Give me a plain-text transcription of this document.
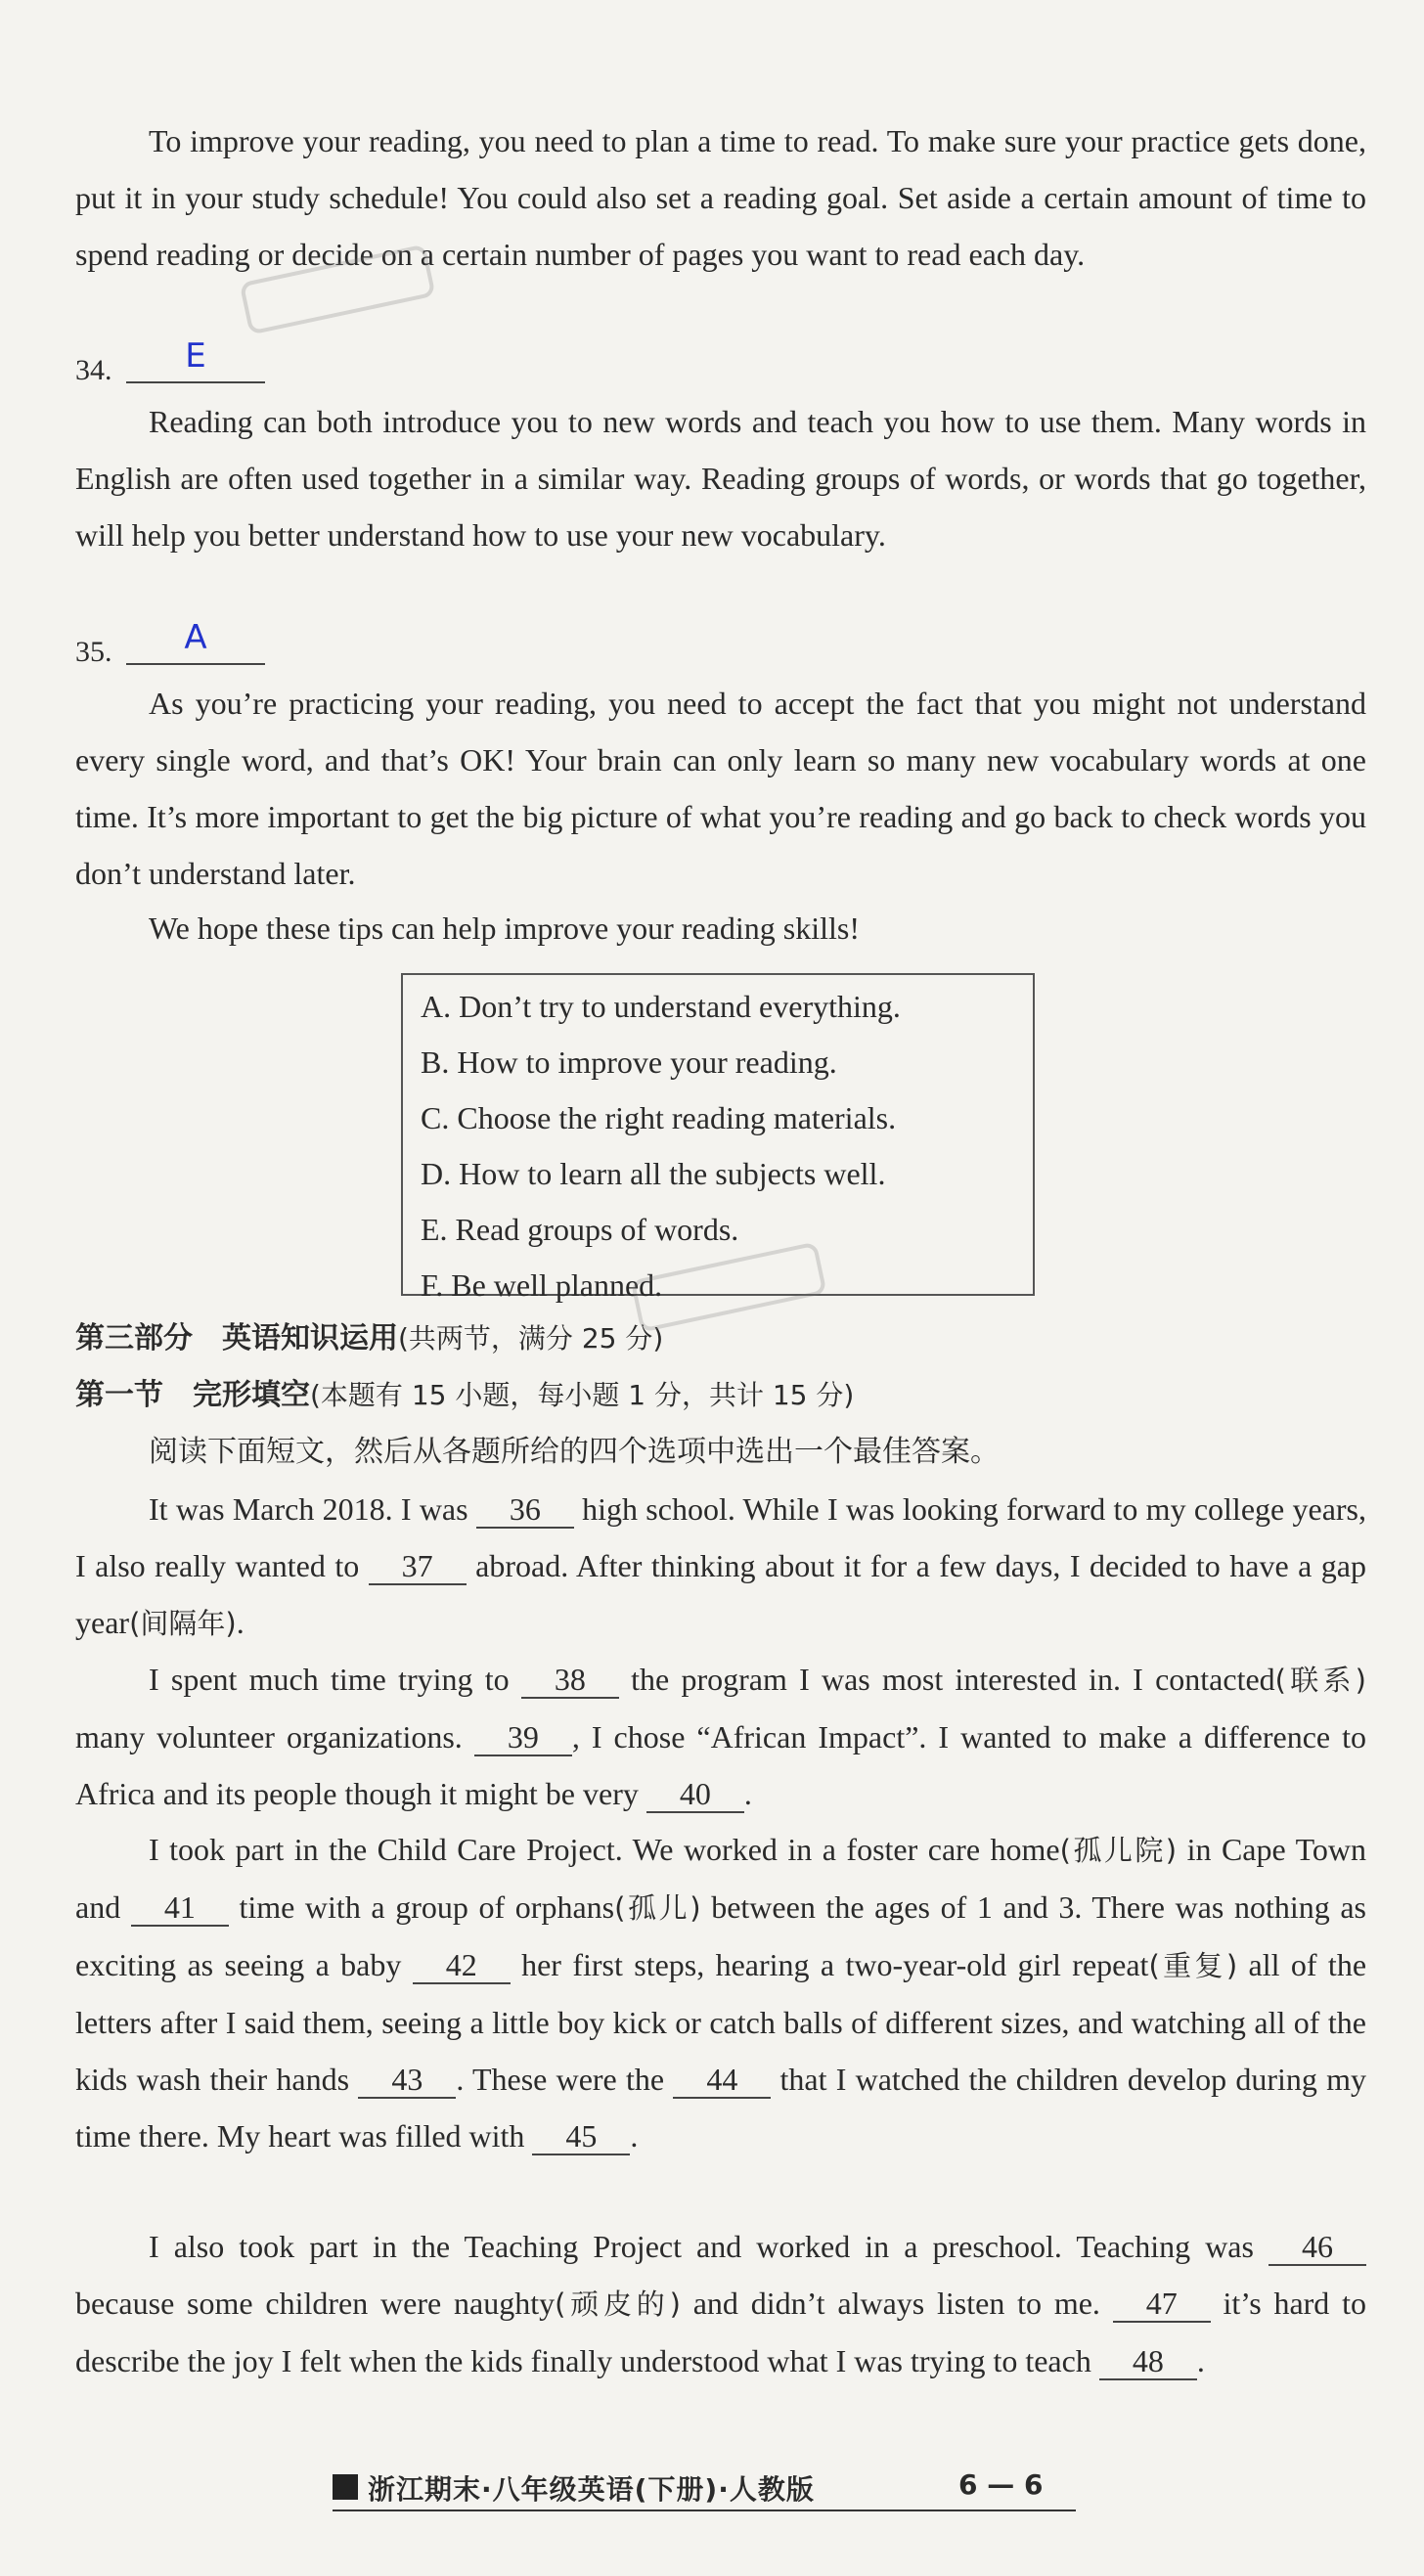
To improve your reading, you need to plan a time to read. To make sure your practice gets done, put it in your study schedule! You could also set a reading goal. Set aside a certain amount of time to spend reading or decide on a certain number of pages you want to read each day.

34.	E

Reading can both introduce you to new words and teach you how to use them. Many words in English are often used together in a similar way. Reading groups of words, or words that go together, will help you better understand how to use your new vocabulary.

35.	A

As you’re practicing your reading, you need to accept the fact that you might not understand every single word, and that’s OK! Your brain can only learn so many new vocabulary words at one time. It’s more important to get the big picture of what you’re reading and go back to check words you don’t understand later.

We hope these tips can help improve your reading skills!

A. Don’t try to understand everything.
B. How to improve your reading.
C. Choose the right reading materials.
D. How to learn all the subjects well.
E. Read groups of words.
F. Be well planned.
第三部分　英语知识运用(共两节，满分 25 分)
第一节　完形填空(本题有 15 小题，每小题 1 分，共计 15 分)
阅读下面短文，然后从各题所给的四个选项中选出一个最佳答案。

It was March 2018. I was 36 high school. While I was looking forward to my college years, I also really wanted to 37 abroad. After thinking about it for a few days, I decided to have a gap year(间隔年).

I spent much time trying to 38 the program I was most interested in. I contacted(联系) many volunteer organizations. 39 , I chose “African Impact”. I wanted to make a difference to Africa and its people though it might be very 40 .

I took part in the Child Care Project. We worked in a foster care home(孤儿院) in Cape Town and 41 time with a group of orphans(孤儿) between the ages of 1 and 3. There was nothing as exciting as seeing a baby 42 her first steps, hearing a two-year-old girl repeat(重复) all of the letters after I said them, seeing a little boy kick or catch balls of different sizes, and watching all of the kids wash their hands 43 . These were the 44 that I watched the children develop during my time there. My heart was filled with 45 .

I also took part in the Teaching Project and worked in a preschool. Teaching was 46 because some children were naughty(顽皮的) and didn’t always listen to me. 47 it’s hard to describe the joy I felt when the kids finally understood what I was trying to teach 48 .

浙江期末·八年级英语(下册)·人教版	6 — 6
